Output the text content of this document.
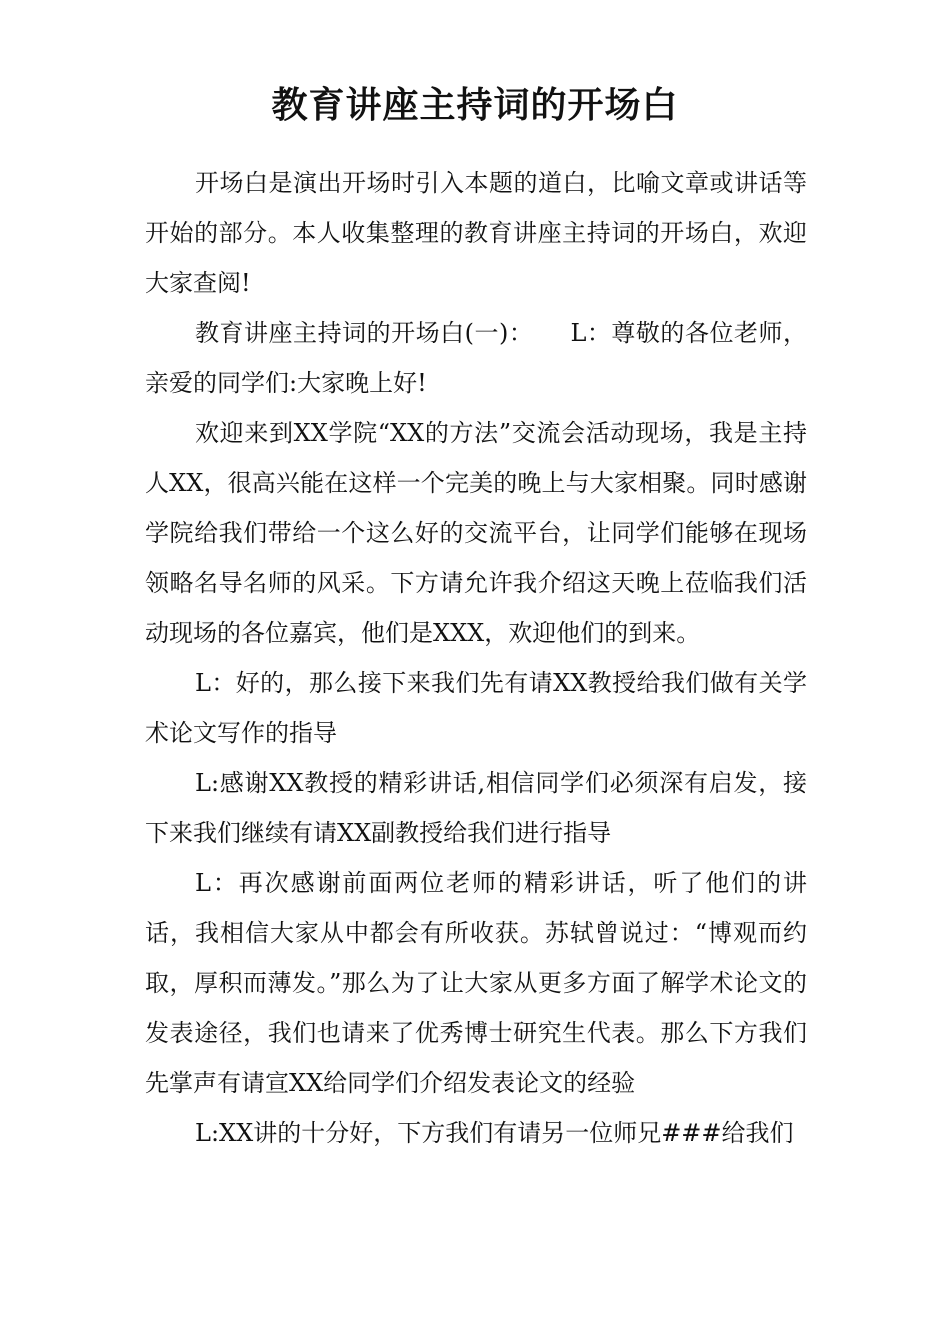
教育讲座主持词的开场白

开场白是演出开场时引入本题的道白，比喻文章或讲话等开始的部分。本人收集整理的教育讲座主持词的开场白，欢迎大家查阅!

教育讲座主持词的开场白(一)：　　L：尊敬的各位老师，亲爱的同学们:大家晚上好!

欢迎来到XX学院“XX的方法”交流会活动现场，我是主持人XX，很高兴能在这样一个完美的晚上与大家相聚。同时感谢学院给我们带给一个这么好的交流平台，让同学们能够在现场领略名导名师的风采。下方请允许我介绍这天晚上莅临我们活动现场的各位嘉宾，他们是XXX，欢迎他们的到来。

L：好的，那么接下来我们先有请XX教授给我们做有关学术论文写作的指导

L:感谢XX教授的精彩讲话,相信同学们必须深有启发，接下来我们继续有请XX副教授给我们进行指导

L：再次感谢前面两位老师的精彩讲话，听了他们的讲话，我相信大家从中都会有所收获。苏轼曾说过：“博观而约取，厚积而薄发。”那么为了让大家从更多方面了解学术论文的发表途径，我们也请来了优秀博士研究生代表。那么下方我们先掌声有请宣XX给同学们介绍发表论文的经验

L:XX讲的十分好，下方我们有请另一位师兄###给我们
